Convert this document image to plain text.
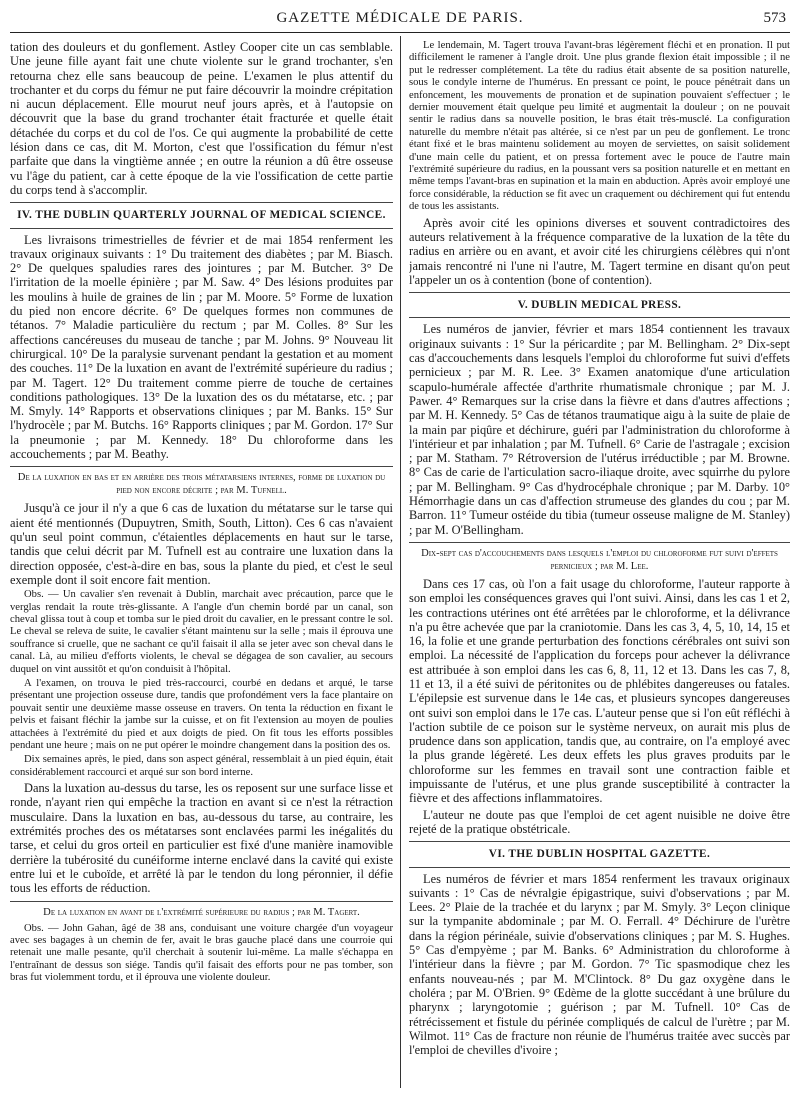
GAZETTE MÉDICALE DE PARIS.	573

tation des douleurs et du gonflement. Astley Cooper cite un cas semblable. Une jeune fille ayant fait une chute violente sur le grand trochanter, s'en retourna chez elle sans beaucoup de peine. L'examen le plus attentif du trochanter et du corps du fémur ne put faire découvrir la moindre crépitation ni aucun déplacement. Elle mourut neuf jours après, et à l'autopsie on découvrit que la base du grand trochanter était fracturée et quelle était détachée du corps et du col de l'os. Ce qui augmente la probabilité de cette lésion dans ce cas, dit M. Morton, c'est que l'ossification du fémur n'est parfaite que dans la vingtième année ; en outre la réunion a dû être osseuse vu l'âge du patient, car à cette époque de la vie l'ossification de cette partie du corps tend à s'accomplir.

IV. THE DUBLIN QUARTERLY JOURNAL OF MEDICAL SCIENCE.

Les livraisons trimestrielles de février et de mai 1854 renferment les travaux originaux suivants : 1° Du traitement des diabètes ; par M. Biasch. 2° De quelques spaludies rares des jointures ; par M. Butcher. 3° De l'irritation de la moelle épinière ; par M. Saw. 4° Des lésions produites par les moulins à huile de graines de lin ; par M. Moore. 5° Forme de luxation du pied non encore décrite. 6° De quelques formes non communes de tétanos. 7° Maladie particulière du rectum ; par M. Colles. 8° Sur les affections cancéreuses du museau de tanche ; par M. Johns. 9° Nouveau lit chirurgical. 10° De la paralysie survenant pendant la gestation et au moment des couches. 11° De la luxation en avant de l'extrémité supérieure du radius ; par M. Tagert. 12° Du traitement comme pierre de touche de certaines conditions pathologiques. 13° De la luxation des os du métatarse, etc. ; par M. Smyly. 14° Rapports et observations cliniques ; par M. Banks. 15° Sur l'hydrocèle ; par M. Butchs. 16° Rapports cliniques ; par M. Gordon. 17° Sur la pneumonie ; par M. Kennedy. 18° Du chloroforme dans les accouchements ; par M. Beathy.

De la luxation en bas et en arrière des trois métatarsiens internes, forme de luxation du pied non encore décrite ; par M. Tufnell.

Jusqu'à ce jour il n'y a que 6 cas de luxation du métatarse sur le tarse qui aient été mentionnés (Dupuytren, Smith, South, Litton). Ces 6 cas n'avaient qu'un seul point commun, c'étaientles déplacements en haut sur le tarse, tandis que celui décrit par M. Tufnell est au contraire une luxation dans la direction opposée, c'est-à-dire en bas, sous la plante du pied, et c'est le seul exemple dont il soit encore fait mention.

Obs. — Un cavalier s'en revenait à Dublin, marchait avec précaution, parce que le verglas rendait la route très-glissante. A l'angle d'un chemin bordé par un canal, son cheval glissa tout à coup et tomba sur le pied droit du cavalier, en le pressant contre le sol. Le cheval se releva de suite, le cavalier s'étant maintenu sur la selle ; mais il éprouva une souffrance si cruelle, que ne sachant ce qu'il faisait il alla se jeter avec son cheval dans le canal. Là, au milieu d'efforts violents, le cheval se dégagea de son cavalier, au secours duquel on vint aussitôt et qu'on conduisit à l'hôpital.

A l'examen, on trouva le pied très-raccourci, courbé en dedans et arqué, le tarse présentant une projection osseuse dure, tandis que profondément vers la face plantaire on pouvait sentir une deuxième masse osseuse en travers. On tenta la réduction en fixant le pelvis et faisant fléchir la jambe sur la cuisse, et on fit l'extension au moyen de poulies attachées à l'extrémité du pied et aux doigts de pied. On fit tous les efforts possibles pendant une heure ; mais on ne put opérer le moindre changement dans la position des os.

Dix semaines après, le pied, dans son aspect général, ressemblait à un pied équin, était considérablement raccourci et arqué sur son bord interne.

Dans la luxation au-dessus du tarse, les os reposent sur une surface lisse et ronde, n'ayant rien qui empêche la traction en avant si ce n'est la rétraction musculaire. Dans la luxation en bas, au-dessous du tarse, au contraire, les extrémités proches des os métatarses sont enclavées parmi les inégalités du tarse, et celui du gros orteil en particulier est fixé d'une manière inamovible derrière la tubérosité du cunéiforme interne enclavé dans la cavité qui existe entre lui et le cuboïde, et arrêté là par le tendon du long péronnier, il défie tous les efforts de réduction.

De la luxation en avant de l'extrémité supérieure du radius ; par M. Tagert.

Obs. — John Gahan, âgé de 38 ans, conduisant une voiture chargée d'un voyageur avec ses bagages à un chemin de fer, avait le bras gauche placé dans une courroie qui retenait une malle pesante, qu'il cherchait à soutenir lui-même. La malle s'échappa en l'entraînant de dessus son siége. Tandis qu'il faisait des efforts pour ne pas tomber, son bras fut violemment tordu, et il éprouva une violente douleur.

Le lendemain, M. Tagert trouva l'avant-bras légèrement fléchi et en pronation. Il put difficilement le ramener à l'angle droit. Une plus grande flexion était impossible ; il ne put le redresser complétement. La tête du radius était absente de sa position naturelle, sous le condyle interne de l'humérus. En pressant ce point, le pouce pénétrait dans un enfoncement, les mouvements de pronation et de supination pouvaient s'effectuer ; le dernier mouvement était quelque peu limité et augmentait la douleur ; on ne pouvait sentir le radius dans sa nouvelle position, le bras était très-musclé. La configuration naturelle du membre n'était pas altérée, si ce n'est par un peu de gonflement. Le tronc étant fixé et le bras maintenu solidement au moyen de serviettes, on saisit solidement d'une main celle du patient, et on pressa fortement avec le pouce de l'autre main l'extrémité supérieure du radius, en la poussant vers sa position naturelle et en mettant en même temps l'avant-bras en supination et la main en abduction. Après avoir employé une force considérable, la réduction se fit avec un craquement ou déchirement qui fut entendu de tous les assistants.

Après avoir cité les opinions diverses et souvent contradictoires des auteurs relativement à la fréquence comparative de la luxation de la tête du radius en arrière ou en avant, et avoir cité les chirurgiens célèbres qui n'ont jamais rencontré ni l'une ni l'autre, M. Tagert termine en disant qu'on peut l'appeler un os à contention (bone of contention).

V. DUBLIN MEDICAL PRESS.

Les numéros de janvier, février et mars 1854 contiennent les travaux originaux suivants : 1° Sur la péricardite ; par M. Bellingham. 2° Dix-sept cas d'accouchements dans lesquels l'emploi du chloroforme fut suivi d'effets pernicieux ; par M. R. Lee. 3° Examen anatomique d'une articulation scapulo-humérale affectée d'arthrite rhumatismale chronique ; par M. J. Pawer. 4° Remarques sur la crise dans la fièvre et dans d'autres affections ; par M. H. Kennedy. 5° Cas de tétanos traumatique aigu à la suite de plaie de la main par piqûre et déchirure, guéri par l'administration du chloroforme à l'intérieur et par inhalation ; par M. Tufnell. 6° Carie de l'astragale ; excision ; par M. Statham. 7° Rétroversion de l'utérus irréductible ; par M. Browne. 8° Cas de carie de l'articulation sacro-iliaque droite, avec squirrhe du pylore ; par M. Bellingham. 9° Cas d'hydrocéphale chronique ; par M. Darby. 10° Hémorrhagie dans un cas d'affection strumeuse des glandes du cou ; par M. Barron. 11° Tumeur ostéide du tibia (tumeur osseuse maligne de M. Stanley) ; par M. O'Bellingham.

Dix-sept cas d'accouchements dans lesquels l'emploi du chloroforme fut suivi d'effets pernicieux ; par M. Lee.

Dans ces 17 cas, où l'on a fait usage du chloroforme, l'auteur rapporte à son emploi les conséquences graves qui l'ont suivi. Ainsi, dans les cas 1 et 2, les contractions utérines ont été arrêtées par le chloroforme, et la délivrance n'a pu être achevée que par la craniotomie. Dans les cas 3, 4, 5, 10, 14, 15 et 16, la folie et une grande perturbation des fonctions cérébrales ont suivi son emploi. La nécessité de l'application du forceps pour achever la délivrance est attribuée à son emploi dans les cas 6, 8, 11, 12 et 13. Dans les cas 7, 8, 11 et 13, il a été suivi de péritonites ou de phlébites dangereuses ou fatales. L'épilepsie est survenue dans le 14e cas, et plusieurs syncopes dangereuses ont suivi son emploi dans le 17e cas. L'auteur pense que si l'on eût réfléchi à l'action subtile de ce poison sur le système nerveux, on aurait mis plus de prudence dans son application, tandis que, au contraire, on l'a employé avec la plus grande légèreté. Les deux effets les plus graves produits par le chloroforme sur les femmes en travail sont une contraction faible et impuissante de l'utérus, et une plus grande susceptibilité à contracter la fièvre et des affections inflammatoires.

L'auteur ne doute pas que l'emploi de cet agent nuisible ne doive être rejeté de la pratique obstétricale.

VI. THE DUBLIN HOSPITAL GAZETTE.

Les numéros de février et mars 1854 renferment les travaux originaux suivants : 1° Cas de névralgie épigastrique, suivi d'observations ; par M. Lees. 2° Plaie de la trachée et du larynx ; par M. Smyly. 3° Leçon clinique sur la tympanite abdominale ; par M. O. Ferrall. 4° Déchirure de l'urètre dans la région périnéale, suivie d'observations cliniques ; par M. S. Hughes. 5° Cas d'empyème ; par M. Banks. 6° Administration du chloroforme à l'intérieur dans la fièvre ; par M. Gordon. 7° Tic spasmodique chez les enfants nouveau-nés ; par M. M'Clintock. 8° Du gaz oxygène dans le choléra ; par M. O'Brien. 9° Œdème de la glotte succédant à une brûlure du pharynx ; laryngotomie ; guérison ; par M. Tufnell. 10° Cas de rétrécissement et fistule du périnée compliqués de calcul de l'urètre ; par M. Wilmot. 11° Cas de fracture non réunie de l'humérus traitée avec succès par l'emploi de chevilles d'ivoire ;
